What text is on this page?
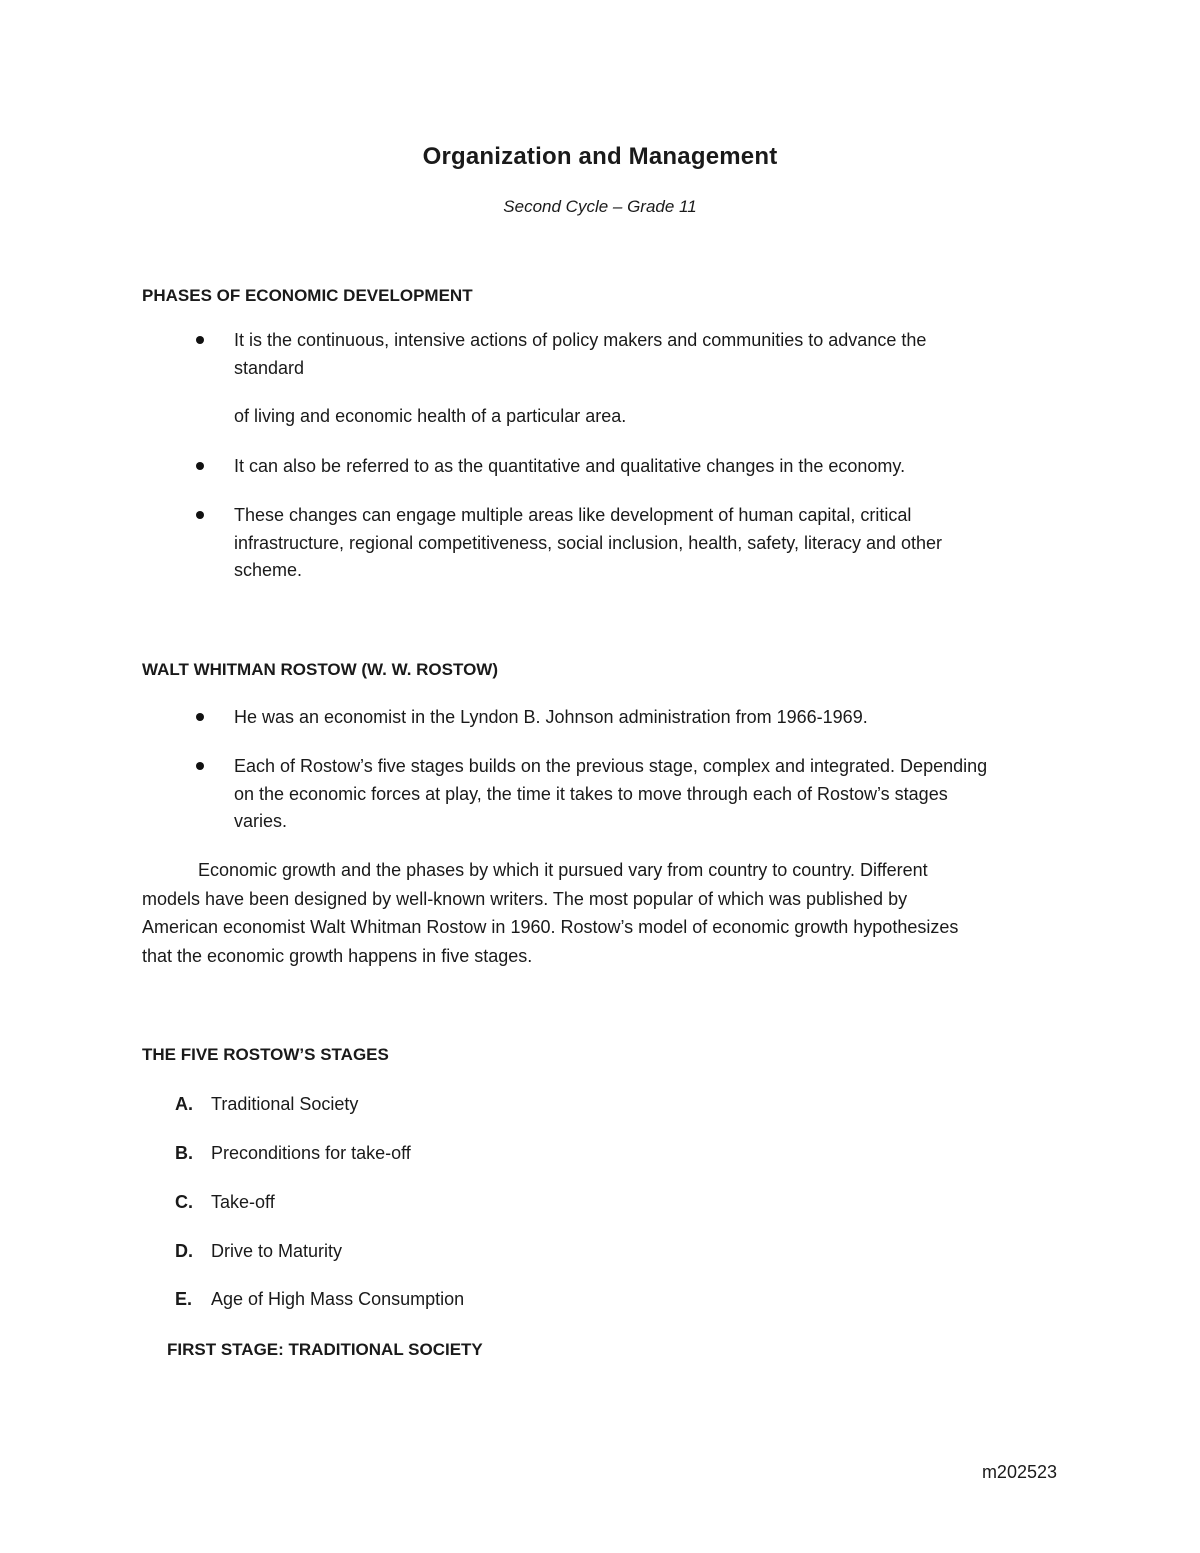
Organization and Management
Second Cycle – Grade 11
PHASES OF ECONOMIC DEVELOPMENT
It is the continuous, intensive actions of policy makers and communities to advance the
standard
of living and economic health of a particular area.
It can also be referred to as the quantitative and qualitative changes in the economy.
These changes can engage multiple areas like development of human capital, critical
infrastructure, regional competitiveness, social inclusion, health, safety, literacy and other
scheme.
WALT WHITMAN ROSTOW (W. W. ROSTOW)
He was an economist in the Lyndon B. Johnson administration from 1966-1969.
Each of Rostow’s five stages builds on the previous stage, complex and integrated. Depending
on the economic forces at play, the time it takes to move through each of Rostow’s stages
varies.
Economic growth and the phases by which it pursued vary from country to country. Different
models have been designed by well-known writers. The most popular of which was published by
American economist Walt Whitman Rostow in 1960. Rostow’s model of economic growth hypothesizes
that the economic growth happens in five stages.
THE FIVE ROSTOW’S STAGES
A. Traditional Society
B. Preconditions for take-off
C. Take-off
D. Drive to Maturity
E. Age of High Mass Consumption
FIRST STAGE: TRADITIONAL SOCIETY
m202523
